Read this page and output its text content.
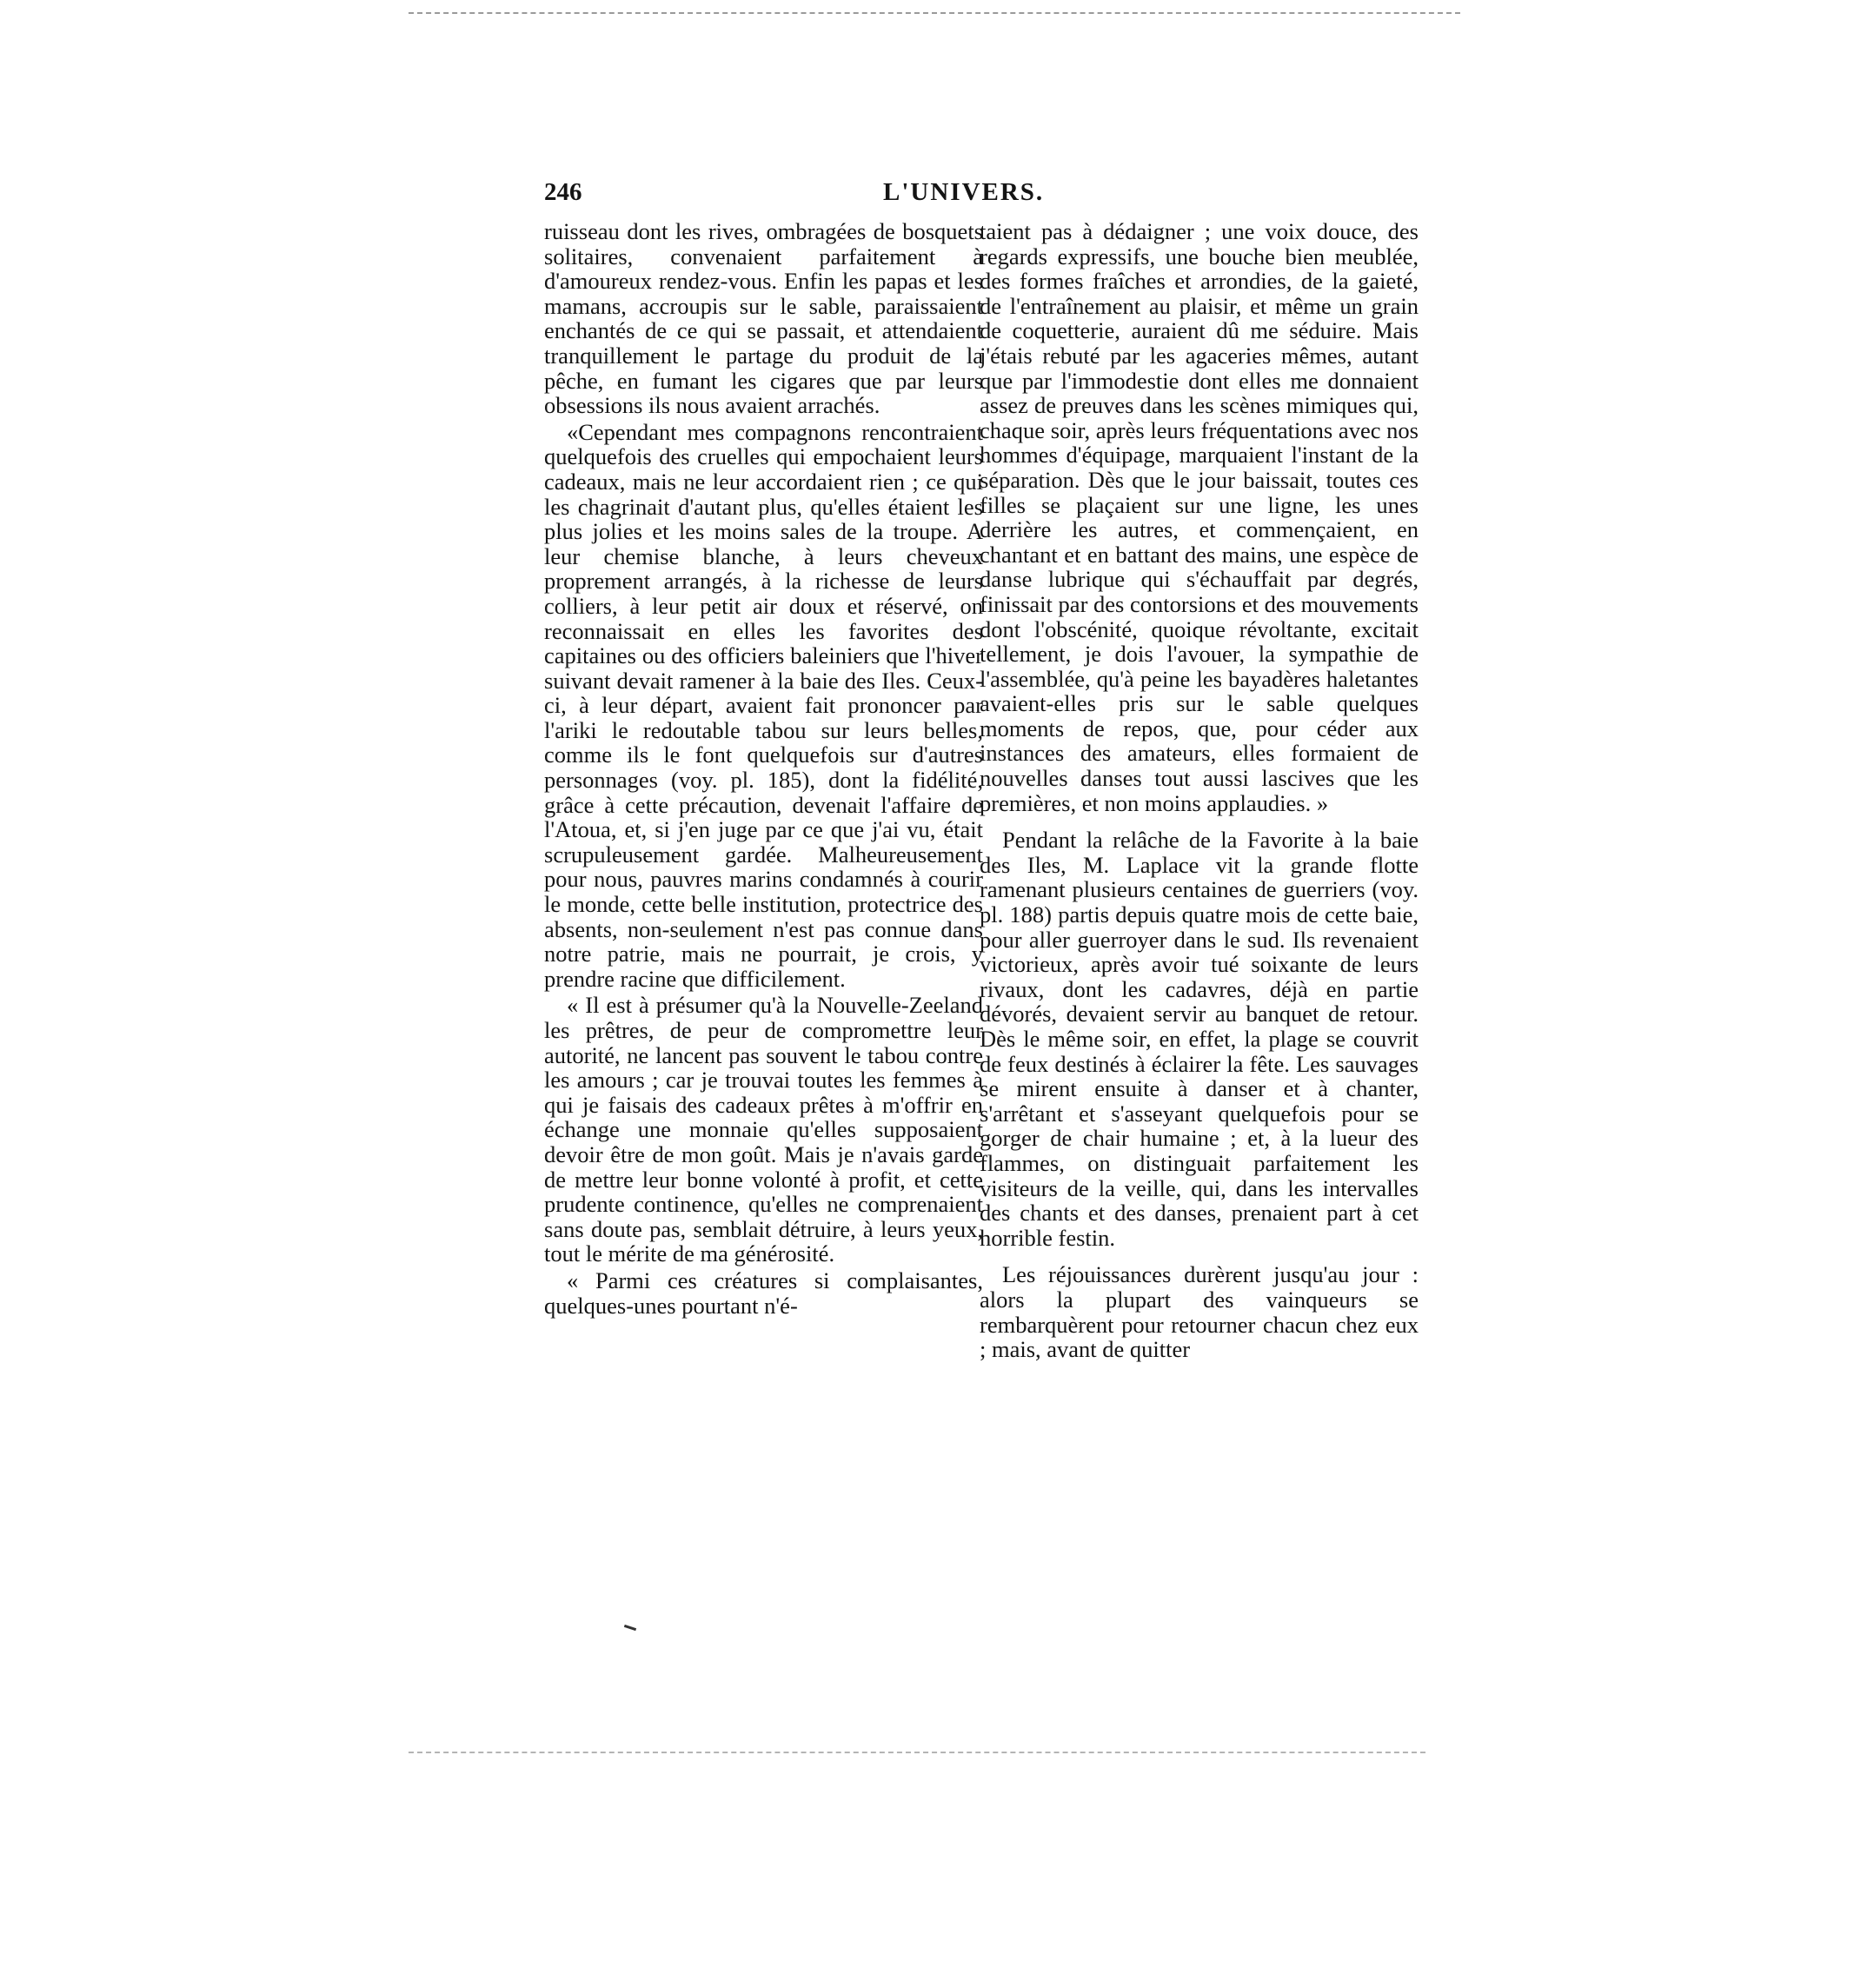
246	L'UNIVERS.

ruisseau dont les rives, ombragées de bosquets solitaires, convenaient parfaitement à d'amoureux rendez-vous. Enfin les papas et les mamans, accroupis sur le sable, paraissaient enchantés de ce qui se passait, et attendaient tranquillement le partage du produit de la pêche, en fumant les cigares que par leurs obsessions ils nous avaient arrachés.

«Cependant mes compagnons rencontraient quelquefois des cruelles qui empochaient leurs cadeaux, mais ne leur accordaient rien ; ce qui les chagrinait d'autant plus, qu'elles étaient les plus jolies et les moins sales de la troupe. A leur chemise blanche, à leurs cheveux proprement arrangés, à la richesse de leurs colliers, à leur petit air doux et réservé, on reconnaissait en elles les favorites des capitaines ou des officiers baleiniers que l'hiver suivant devait ramener à la baie des Iles. Ceux-ci, à leur départ, avaient fait prononcer par l'ariki le redoutable tabou sur leurs belles, comme ils le font quelquefois sur d'autres personnages (voy. pl. 185), dont la fidélité, grâce à cette précaution, devenait l'affaire de l'Atoua, et, si j'en juge par ce que j'ai vu, était scrupuleusement gardée. Malheureusement pour nous, pauvres marins condamnés à courir le monde, cette belle institution, protectrice des absents, non-seulement n'est pas connue dans notre patrie, mais ne pourrait, je crois, y prendre racine que difficilement.

« Il est à présumer qu'à la Nouvelle-Zeeland les prêtres, de peur de compromettre leur autorité, ne lancent pas souvent le tabou contre les amours ; car je trouvai toutes les femmes à qui je faisais des cadeaux prêtes à m'offrir en échange une monnaie qu'elles supposaient devoir être de mon goût. Mais je n'avais garde de mettre leur bonne volonté à profit, et cette prudente continence, qu'elles ne comprenaient sans doute pas, semblait détruire, à leurs yeux, tout le mérite de ma générosité.

« Parmi ces créatures si complaisantes, quelques-unes pourtant n'é-

taient pas à dédaigner ; une voix douce, des regards expressifs, une bouche bien meublée, des formes fraîches et arrondies, de la gaieté, de l'entraînement au plaisir, et même un grain de coquetterie, auraient dû me séduire. Mais j'étais rebuté par les agaceries mêmes, autant que par l'immodestie dont elles me donnaient assez de preuves dans les scènes mimiques qui, chaque soir, après leurs fréquentations avec nos hommes d'équipage, marquaient l'instant de la séparation. Dès que le jour baissait, toutes ces filles se plaçaient sur une ligne, les unes derrière les autres, et commençaient, en chantant et en battant des mains, une espèce de danse lubrique qui s'échauffait par degrés, finissait par des contorsions et des mouvements dont l'obscénité, quoique révoltante, excitait tellement, je dois l'avouer, la sympathie de l'assemblée, qu'à peine les bayadères haletantes avaient-elles pris sur le sable quelques moments de repos, que, pour céder aux instances des amateurs, elles formaient de nouvelles danses tout aussi lascives que les premières, et non moins applaudies. »

Pendant la relâche de la Favorite à la baie des Iles, M. Laplace vit la grande flotte ramenant plusieurs centaines de guerriers (voy. pl. 188) partis depuis quatre mois de cette baie, pour aller guerroyer dans le sud. Ils revenaient victorieux, après avoir tué soixante de leurs rivaux, dont les cadavres, déjà en partie dévorés, devaient servir au banquet de retour. Dès le même soir, en effet, la plage se couvrit de feux destinés à éclairer la fête. Les sauvages se mirent ensuite à danser et à chanter, s'arrêtant et s'asseyant quelquefois pour se gorger de chair humaine ; et, à la lueur des flammes, on distinguait parfaitement les visiteurs de la veille, qui, dans les intervalles des chants et des danses, prenaient part à cet horrible festin.

Les réjouissances durèrent jusqu'au jour : alors la plupart des vainqueurs se rembarquèrent pour retourner chacun chez eux ; mais, avant de quitter
